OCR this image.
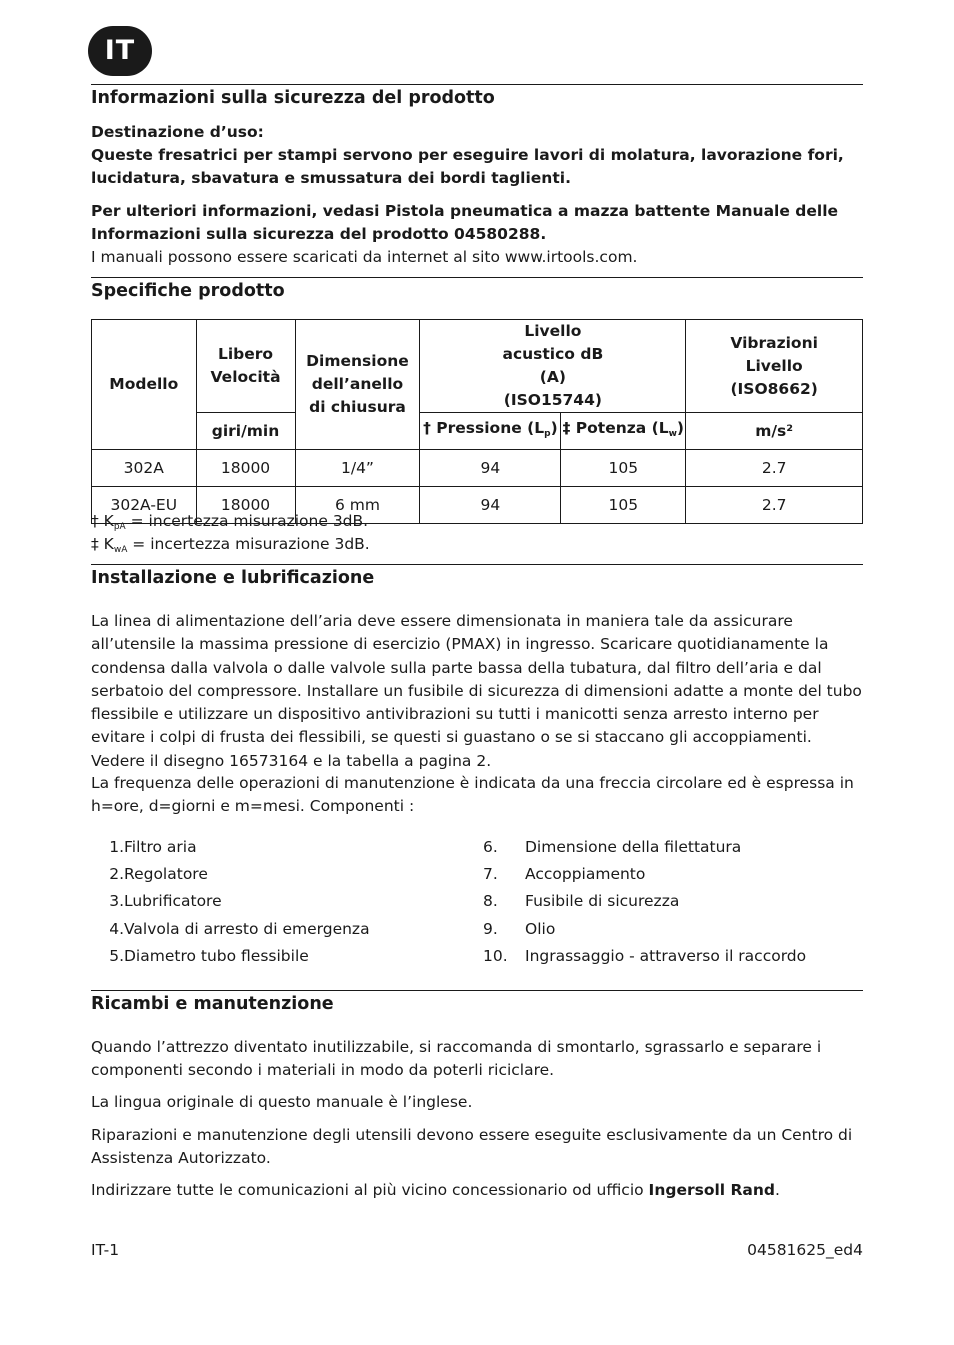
IT
Informazioni sulla sicurezza del prodotto
Destinazione d’uso:
Queste fresatrici per stampi servono per eseguire lavori di molatura, lavorazione fori, lucidatura, sbavatura e smussatura dei bordi taglienti.
Per ulteriori informazioni, vedasi Pistola pneumatica a mazza battente Manuale delle Informazioni sulla sicurezza del prodotto 04580288.
I manuali possono essere scaricati da internet al sito www.irtools.com.
Specifiche prodotto
Modello	Libero Velocità	Dimensione dell’anello di chiusura	Livello acustico dB (A) (ISO15744)		Vibrazioni Livello (ISO8662)
	giri/min		† Pressione $(L_p)$	‡ Potenza $(L_w)$	m/s²
302A	18000	1/4”	94	105	2.7
302A-EU	18000	6 mm	94	105	2.7
† $K_{pA}$ = incertezza misurazione 3dB.
‡ $K_{wA}$ = incertezza misurazione 3dB.
Installazione e lubrificazione
La linea di alimentazione dell’aria deve essere dimensionata in maniera tale da assicurare all’utensile la massima pressione di esercizio (PMAX) in ingresso. Scaricare quotidianamente la condensa dalla valvola o dalle valvole sulla parte bassa della tubatura, dal filtro dell’aria e dal serbatoio del compressore. Installare un fusibile di sicurezza di dimensioni adatte a monte del tubo flessibile e utilizzare un dispositivo antivibrazioni su tutti i manicotti senza arresto interno per evitare i colpi di frusta dei flessibili, se questi si guastano o se si staccano gli accoppiamenti. Vedere il disegno 16573164 e la tabella a pagina 2.
La frequenza delle operazioni di manutenzione è indicata da una freccia circolare ed è espressa in h=ore, d=giorni e m=mesi. Componenti :
1. Filtro aria
2. Regolatore
3. Lubrificatore
4. Valvola di arresto di emergenza
5. Diametro tubo flessibile
6.	Dimensione della filettatura
7.	Accoppiamento
8.	Fusibile di sicurezza
9.	Olio
10.	Ingrassaggio - attraverso il raccordo
Ricambi e manutenzione
Quando l’attrezzo diventato inutilizzabile, si raccomanda di smontarlo, sgrassarlo e separare i componenti secondo i materiali in modo da poterli riciclare.
La lingua originale di questo manuale è l’inglese.
Riparazioni e manutenzione degli utensili devono essere eseguite esclusivamente da un Centro di Assistenza Autorizzato.
Indirizzare tutte le comunicazioni al più vicino concessionario od ufficio Ingersoll Rand.
IT-1	04581625_ed4
